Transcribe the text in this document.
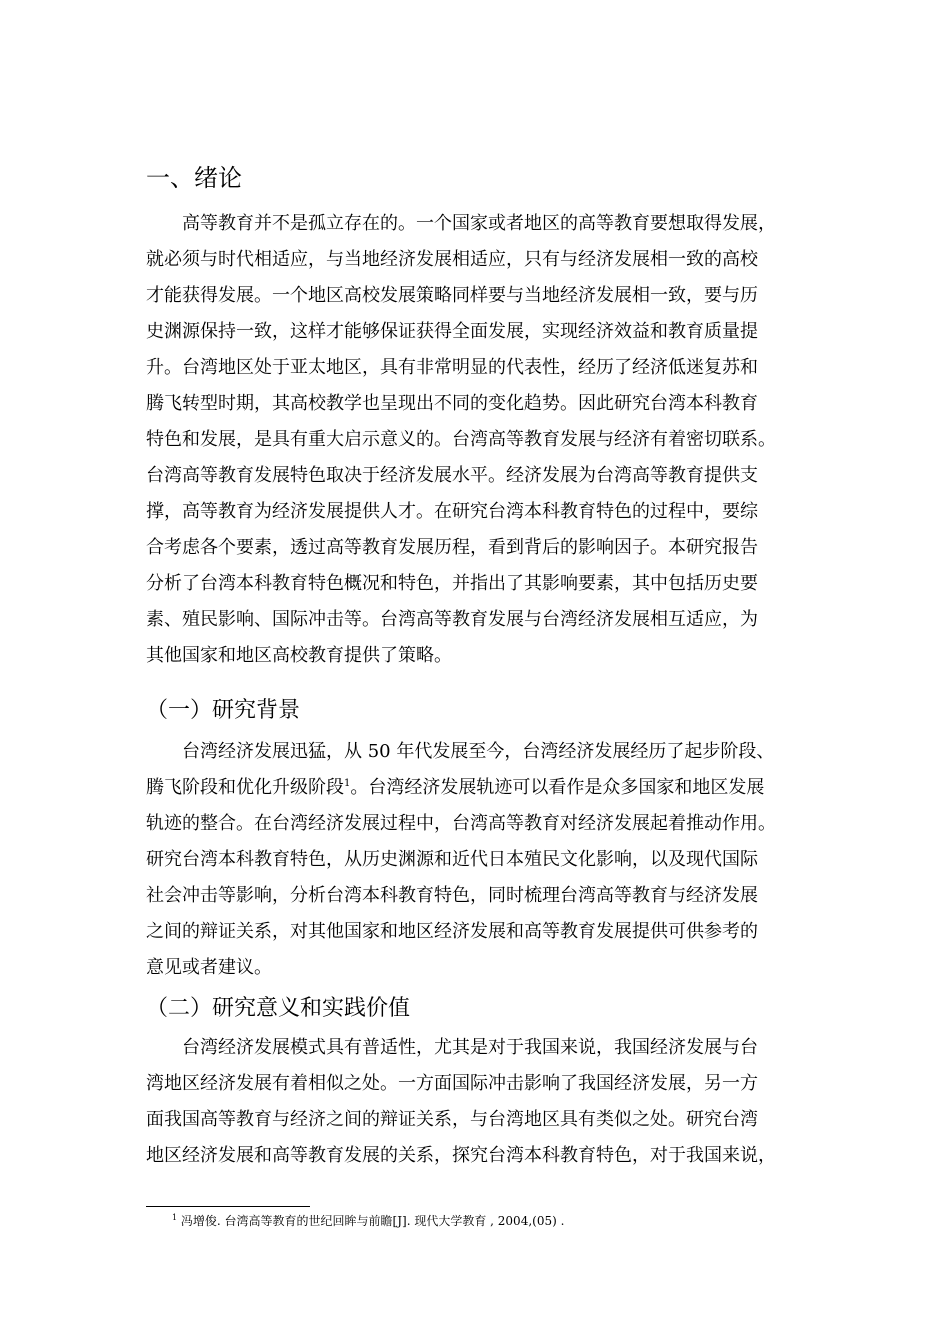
一、绪论
高等教育并不是孤立存在的。一个国家或者地区的高等教育要想取得发展，
就必须与时代相适应，与当地经济发展相适应，只有与经济发展相一致的高校
才能获得发展。一个地区高校发展策略同样要与当地经济发展相一致，要与历
史渊源保持一致，这样才能够保证获得全面发展，实现经济效益和教育质量提
升。台湾地区处于亚太地区，具有非常明显的代表性，经历了经济低迷复苏和
腾飞转型时期，其高校教学也呈现出不同的变化趋势。因此研究台湾本科教育
特色和发展，是具有重大启示意义的。台湾高等教育发展与经济有着密切联系。
台湾高等教育发展特色取决于经济发展水平。经济发展为台湾高等教育提供支
撑，高等教育为经济发展提供人才。在研究台湾本科教育特色的过程中，要综
合考虑各个要素，透过高等教育发展历程，看到背后的影响因子。本研究报告
分析了台湾本科教育特色概况和特色，并指出了其影响要素，其中包括历史要
素、殖民影响、国际冲击等。台湾高等教育发展与台湾经济发展相互适应，为
其他国家和地区高校教育提供了策略。
（一）研究背景
台湾经济发展迅猛，从 50 年代发展至今，台湾经济发展经历了起步阶段、
腾飞阶段和优化升级阶段$^1$。台湾经济发展轨迹可以看作是众多国家和地区发展
轨迹的整合。在台湾经济发展过程中，台湾高等教育对经济发展起着推动作用。
研究台湾本科教育特色，从历史渊源和近代日本殖民文化影响，以及现代国际
社会冲击等影响，分析台湾本科教育特色，同时梳理台湾高等教育与经济发展
之间的辩证关系，对其他国家和地区经济发展和高等教育发展提供可供参考的
意见或者建议。
（二）研究意义和实践价值
台湾经济发展模式具有普适性，尤其是对于我国来说，我国经济发展与台
湾地区经济发展有着相似之处。一方面国际冲击影响了我国经济发展，另一方
面我国高等教育与经济之间的辩证关系，与台湾地区具有类似之处。研究台湾
地区经济发展和高等教育发展的关系，探究台湾本科教育特色，对于我国来说，
$^1$ 冯增俊. 台湾高等教育的世纪回眸与前瞻[J]. 现代大学教育 , 2004,(05) .
